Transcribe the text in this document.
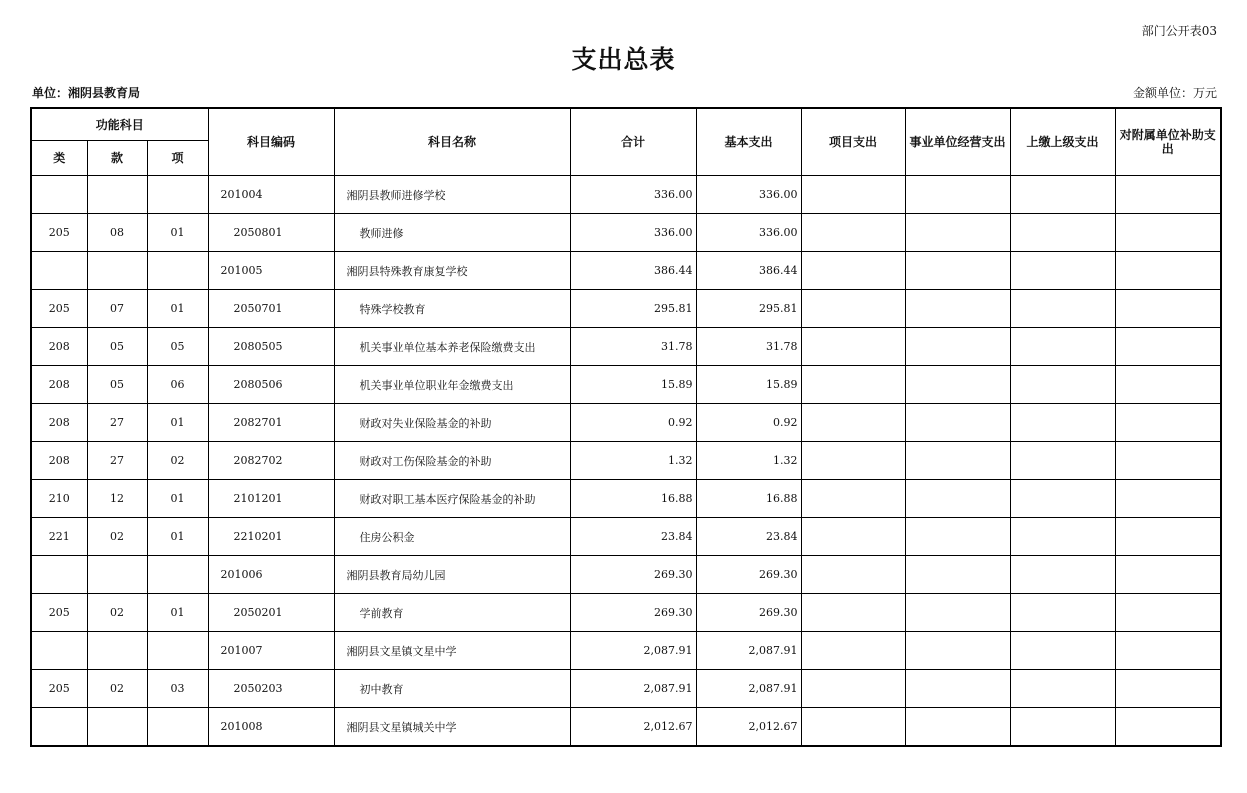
部门公开表03
支出总表
单位：湘阴县教育局	金额单位：万元
功能科目			科目编码	科目名称	合计	基本支出	项目支出	事业单位经营支出	上缴上级支出	对附属单位补助支出
类	款	项								
			201004	湘阴县教师进修学校	336.00	336.00				
205	08	01	2050801	教师进修	336.00	336.00				
			201005	湘阴县特殊教育康复学校	386.44	386.44				
205	07	01	2050701	特殊学校教育	295.81	295.81				
208	05	05	2080505	机关事业单位基本养老保险缴费支出	31.78	31.78				
208	05	06	2080506	机关事业单位职业年金缴费支出	15.89	15.89				
208	27	01	2082701	财政对失业保险基金的补助	0.92	0.92				
208	27	02	2082702	财政对工伤保险基金的补助	1.32	1.32				
210	12	01	2101201	财政对职工基本医疗保险基金的补助	16.88	16.88				
221	02	01	2210201	住房公积金	23.84	23.84				
			201006	湘阴县教育局幼儿园	269.30	269.30				
205	02	01	2050201	学前教育	269.30	269.30				
			201007	湘阴县文星镇文星中学	2,087.91	2,087.91				
205	02	03	2050203	初中教育	2,087.91	2,087.91				
			201008	湘阴县文星镇城关中学	2,012.67	2,012.67				
